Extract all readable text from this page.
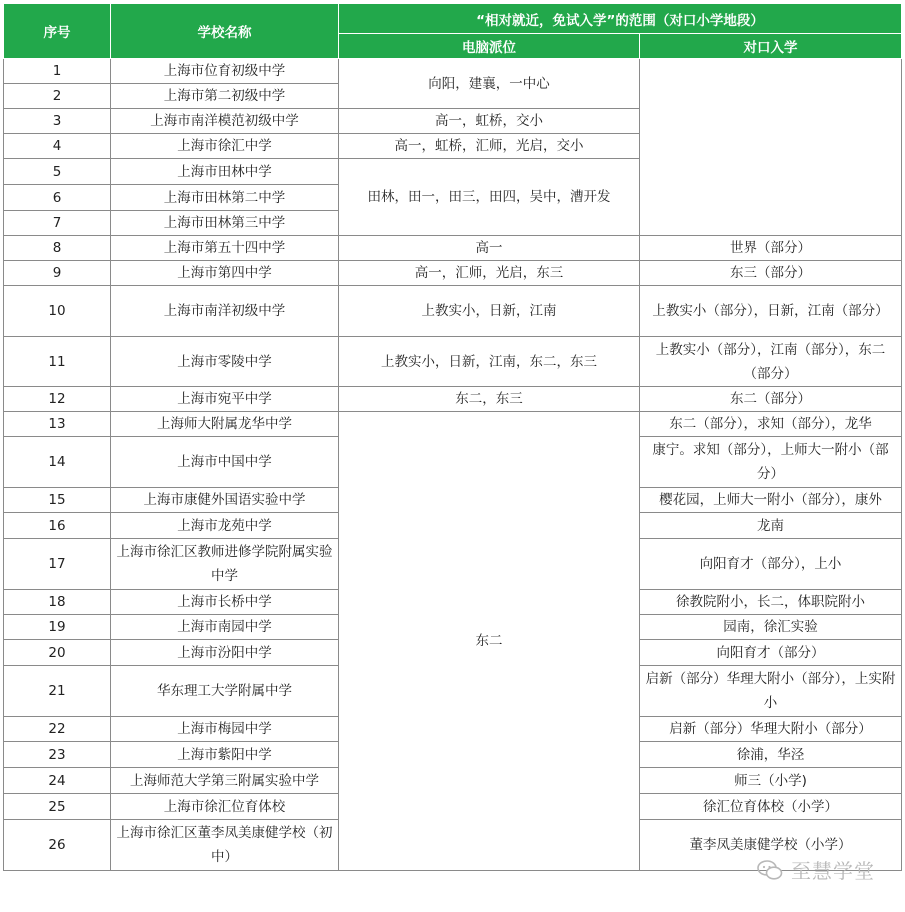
序号	学校名称	“相对就近，免试入学”的范围（对口小学地段）	
		电脑派位	对口入学
1	上海市位育初级中学	向阳，建襄，一中心	
2	上海市第二初级中学		
3	上海市南洋模范初级中学	高一，虹桥，交小	
4	上海市徐汇中学	高一，虹桥，汇师，光启，交小	
5	上海市田林中学	田林，田一，田三，田四，吴中，漕开发	
6	上海市田林第二中学		
7	上海市田林第三中学		
8	上海市第五十四中学	高一	世界（部分）
9	上海市第四中学	高一，汇师，光启，东三	东三（部分）
10	上海市南洋初级中学	上教实小，日新，江南	上教实小（部分），日新，江南（部分）
11	上海市零陵中学	上教实小，日新，江南，东二，东三	上教实小（部分），江南（部分），东二（部分）
12	上海市宛平中学	东二，东三	东二（部分）
13	上海师大附属龙华中学	东二	东二（部分），求知（部分），龙华
14	上海市中国中学		康宁。求知（部分），上师大一附小（部分）
15	上海市康健外国语实验中学		樱花园，上师大一附小（部分），康外
16	上海市龙苑中学		龙南
17	上海市徐汇区教师进修学院附属实验中学		向阳育才（部分），上小
18	上海市长桥中学		徐教院附小，长二，体职院附小
19	上海市南园中学		园南，徐汇实验
20	上海市汾阳中学		向阳育才（部分）
21	华东理工大学附属中学		启新（部分）华理大附小（部分），上实附小
22	上海市梅园中学		启新（部分）华理大附小（部分）
23	上海市紫阳中学		徐浦，华泾
24	上海师范大学第三附属实验中学		师三（小学)
25	上海市徐汇位育体校		徐汇位育体校（小学）
26	上海市徐汇区董李凤美康健学校（初中）		董李凤美康健学校（小学）
至慧学堂
